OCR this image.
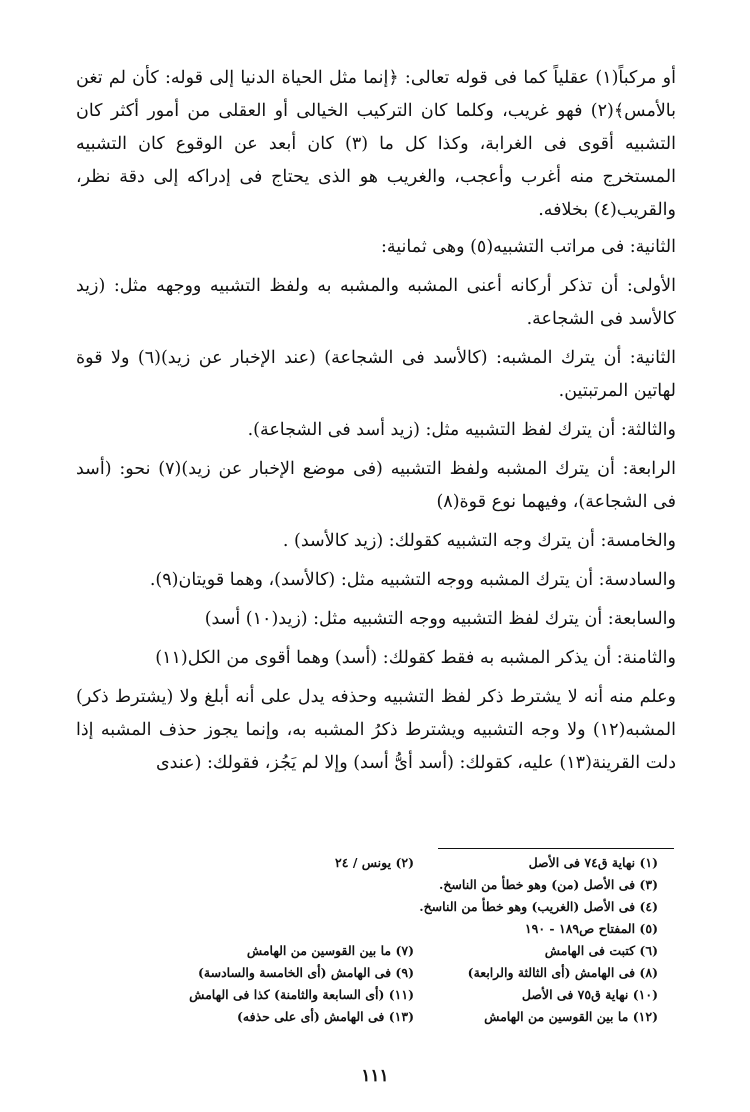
أو مركباً(١) عقلياً كما فى قوله تعالى: ﴿إنما مثل الحياة الدنيا إلى قوله: كأن لم تغن بالأمس﴾(٢) فهو غريب، وكلما كان التركيب الخيالى أو العقلى من أمور أكثر كان التشبيه أقوى فى الغرابة، وكذا كل ما (٣) كان أبعد عن الوقوع كان التشبيه المستخرج منه أغرب وأعجب، والغريب هو الذى يحتاج فى إدراكه إلى دقة نظر، والقريب(٤) بخلافه.

الثانية: فى مراتب التشبيه(٥) وهى ثمانية:

الأولى: أن تذكر أركانه أعنى المشبه والمشبه به ولفظ التشبيه ووجهه مثل: (زيد كالأسد فى الشجاعة.

الثانية: أن يترك المشبه: (كالأسد فى الشجاعة) (عند الإخبار عن زيد)(٦) ولا قوة لهاتين المرتبتين.

والثالثة: أن يترك لفظ التشبيه مثل: (زيد أسد فى الشجاعة).

الرابعة: أن يترك المشبه ولفظ التشبيه (فى موضع الإخبار عن زيد)(٧) نحو: (أسد فى الشجاعة)، وفيهما نوع قوة(٨)

والخامسة: أن يترك وجه التشبيه كقولك: (زيد كالأسد) .

والسادسة: أن يترك المشبه ووجه التشبيه مثل: (كالأسد)، وهما قويتان(٩).

والسابعة: أن يترك لفظ التشبيه ووجه التشبيه مثل: (زيد(١٠) أسد)

والثامنة: أن يذكر المشبه به فقط كقولك: (أسد) وهما أقوى من الكل(١١)

وعلم منه أنه لا يشترط ذكر لفظ التشبيه وحذفه يدل على أنه أبلغ ولا (يشترط ذكر) المشبه(١٢) ولا وجه التشبيه ويشترط ذكرُ المشبه به، وإنما يجوز حذف المشبه إذا دلت القرينة(١٣) عليه، كقولك: (أسد أىُّ أسد) وإلا لم يَجُز، فقولك: (عندى

(١) نهاية ق٧٤ فى الأصل
(٢) يونس / ٢٤
(٣) فى الأصل (من) وهو خطأ من الناسخ.
(٤) فى الأصل (الغريب) وهو خطأ من الناسخ.
(٥) المفتاح ص١٨٩ - ١٩٠
(٦) كتبت فى الهامش
(٧) ما بين القوسين من الهامش
(٨) فى الهامش (أى الثالثة والرابعة)
(٩) فى الهامش (أى الخامسة والسادسة)
(١٠) نهاية ق٧٥ فى الأصل
(١١) (أى السابعة والثامنة) كذا فى الهامش
(١٢) ما بين القوسين من الهامش
(١٣) فى الهامش (أى على حذفه)
١١١
